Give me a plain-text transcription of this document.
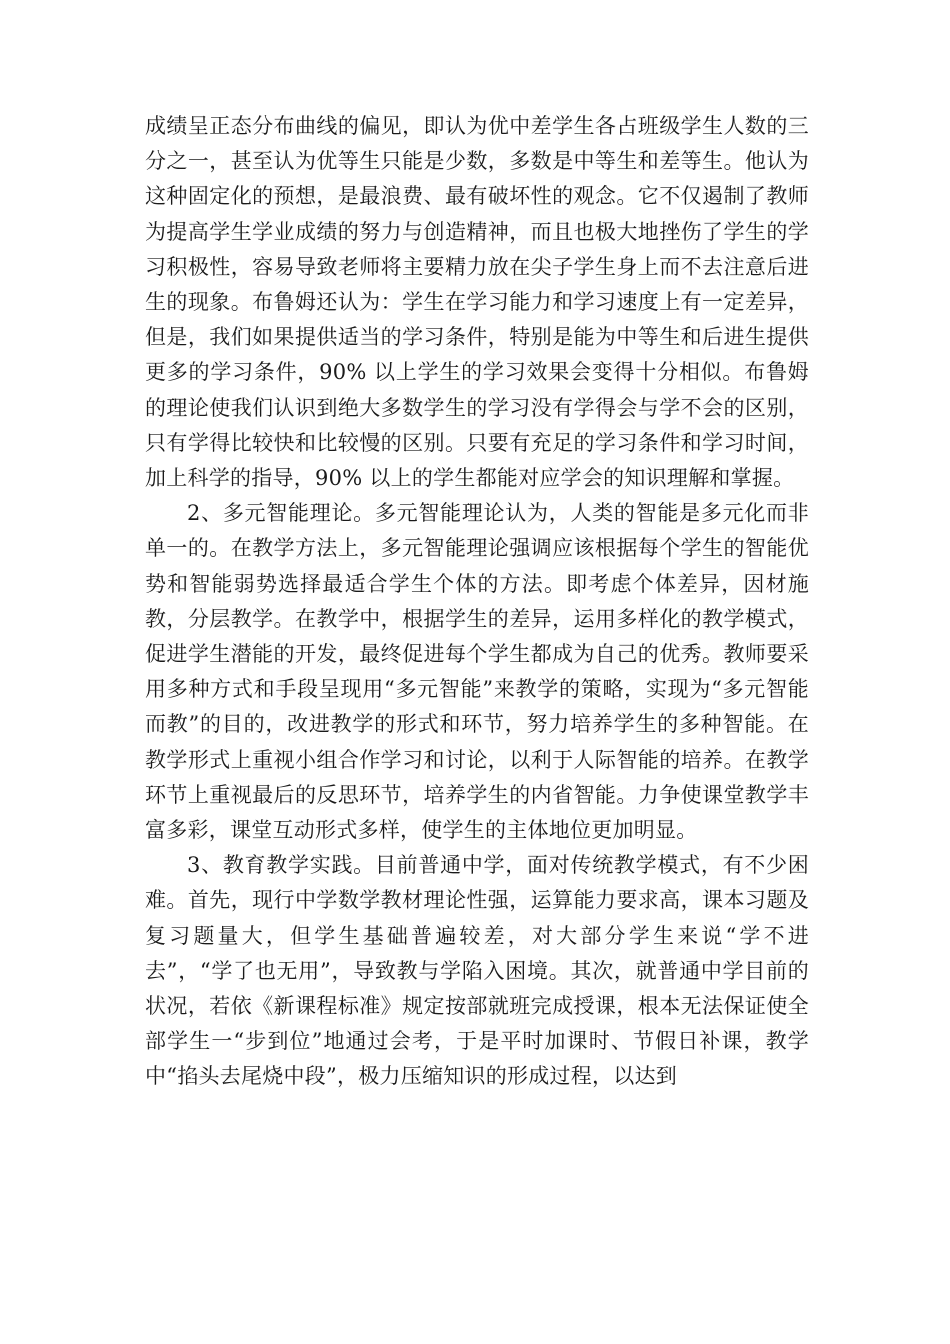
成绩呈正态分布曲线的偏见，即认为优中差学生各占班级学生人数的三分之一，甚至认为优等生只能是少数，多数是中等生和差等生。他认为这种固定化的预想，是最浪费、最有破坏性的观念。它不仅遏制了教师为提高学生学业成绩的努力与创造精神，而且也极大地挫伤了学生的学习积极性，容易导致老师将主要精力放在尖子学生身上而不去注意后进生的现象。布鲁姆还认为：学生在学习能力和学习速度上有一定差异，但是，我们如果提供适当的学习条件，特别是能为中等生和后进生提供更多的学习条件，90% 以上学生的学习效果会变得十分相似。布鲁姆的理论使我们认识到绝大多数学生的学习没有学得会与学不会的区别，只有学得比较快和比较慢的区别。只要有充足的学习条件和学习时间，加上科学的指导，90% 以上的学生都能对应学会的知识理解和掌握。

2、多元智能理论。多元智能理论认为，人类的智能是多元化而非单一的。在教学方法上，多元智能理论强调应该根据每个学生的智能优势和智能弱势选择最适合学生个体的方法。即考虑个体差异，因材施教，分层教学。在教学中，根据学生的差异，运用多样化的教学模式，促进学生潜能的开发，最终促进每个学生都成为自己的优秀。教师要采用多种方式和手段呈现用“多元智能”来教学的策略，实现为“多元智能而教”的目的，改进教学的形式和环节，努力培养学生的多种智能。在教学形式上重视小组合作学习和讨论，以利于人际智能的培养。在教学环节上重视最后的反思环节，培养学生的内省智能。力争使课堂教学丰富多彩，课堂互动形式多样，使学生的主体地位更加明显。

3、教育教学实践。目前普通中学，面对传统教学模式，有不少困难。首先，现行中学数学教材理论性强，运算能力要求高，课本习题及复习题量大，但学生基础普遍较差，对大部分学生来说“学不进去”，“学了也无用”，导致教与学陷入困境。其次，就普通中学目前的状况，若依《新课程标准》规定按部就班完成授课，根本无法保证使全部学生一“步到位”地通过会考，于是平时加课时、节假日补课，教学中“掐头去尾烧中段”，极力压缩知识的形成过程，以达到
